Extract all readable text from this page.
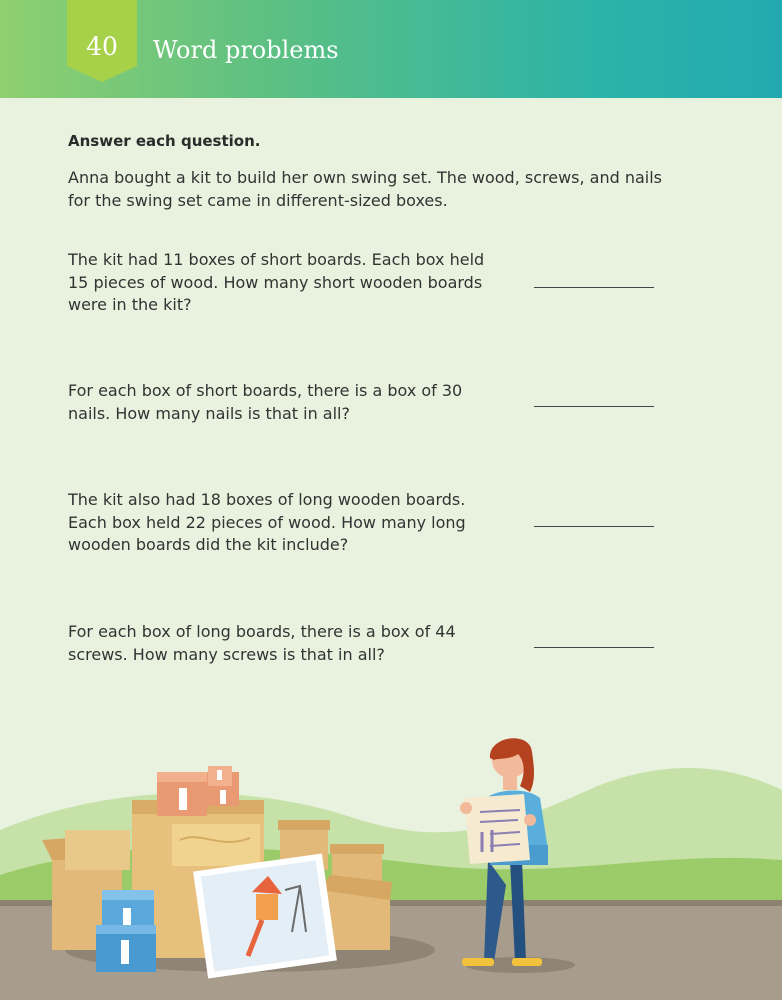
40	Word problems
Answer each question.
Anna bought a kit to build her own swing set. The wood, screws, and nails for the swing set came in different-sized boxes.
The kit had 11 boxes of short boards. Each box held 15 pieces of wood. How many short wooden boards were in the kit?
For each box of short boards, there is a box of 30 nails. How many nails is that in all?
The kit also had 18 boxes of long wooden boards. Each box held 22 pieces of wood. How many long wooden boards did the kit include?
For each box of long boards, there is a box of 44 screws. How many screws is that in all?
